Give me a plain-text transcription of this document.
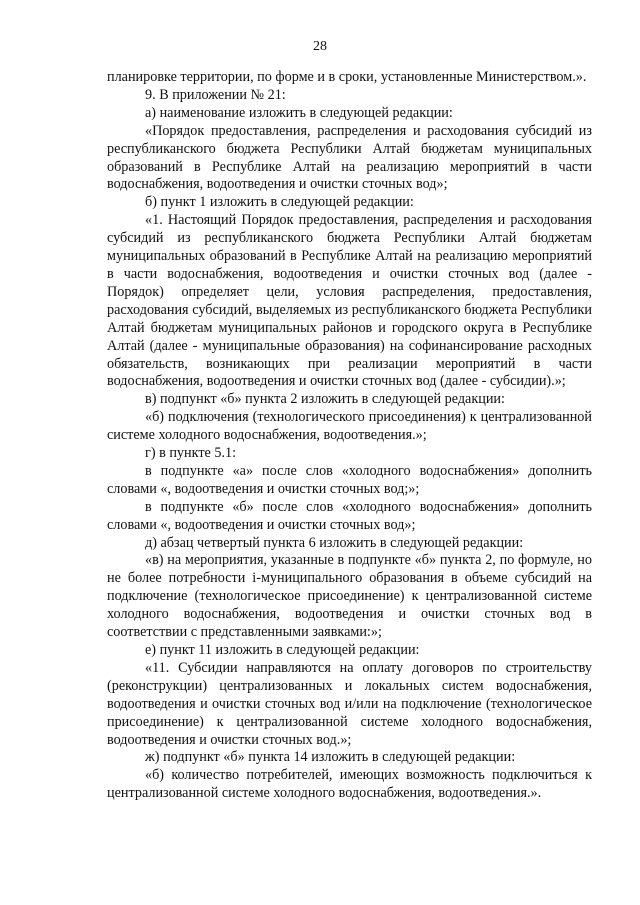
28

планировке территории, по форме и в сроки, установленные Министерством.».

9. В приложении № 21:

а) наименование изложить в следующей редакции:

«Порядок предоставления, распределения и расходования субсидий из республиканского бюджета Республики Алтай бюджетам муниципальных образований в Республике Алтай на реализацию мероприятий в части водоснабжения, водоотведения и очистки сточных вод»;

б) пункт 1 изложить в следующей редакции:

«1. Настоящий Порядок предоставления, распределения и расходования субсидий из республиканского бюджета Республики Алтай бюджетам муниципальных образований в Республике Алтай на реализацию мероприятий в части водоснабжения, водоотведения и очистки сточных вод (далее - Порядок) определяет цели, условия распределения, предоставления, расходования субсидий, выделяемых из республиканского бюджета Республики Алтай бюджетам муниципальных районов и городского округа в Республике Алтай (далее - муниципальные образования) на софинансирование расходных обязательств, возникающих при реализации мероприятий в части водоснабжения, водоотведения и очистки сточных вод (далее - субсидии).»;

в) подпункт «б» пункта 2 изложить в следующей редакции:

«б) подключения (технологического присоединения) к централизованной системе холодного водоснабжения, водоотведения.»;

г) в пункте 5.1:

в подпункте «а» после слов «холодного водоснабжения» дополнить словами «, водоотведения и очистки сточных вод;»;

в подпункте «б» после слов «холодного водоснабжения» дополнить словами «, водоотведения и очистки сточных вод»;

д) абзац четвертый пункта 6 изложить в следующей редакции:

«в) на мероприятия, указанные в подпункте «б» пункта 2, по формуле, но не более потребности i-муниципального образования в объеме субсидий на подключение (технологическое присоединение) к централизованной системе холодного водоснабжения, водоотведения и очистки сточных вод в соответствии с представленными заявками:»;

е) пункт 11 изложить в следующей редакции:

«11. Субсидии направляются на оплату договоров по строительству (реконструкции) централизованных и локальных систем водоснабжения, водоотведения и очистки сточных вод и/или на подключение (технологическое присоединение) к централизованной системе холодного водоснабжения, водоотведения и очистки сточных вод.»;

ж) подпункт «б» пункта 14 изложить в следующей редакции:

«б) количество потребителей, имеющих возможность подключиться к централизованной системе холодного водоснабжения, водоотведения.».
